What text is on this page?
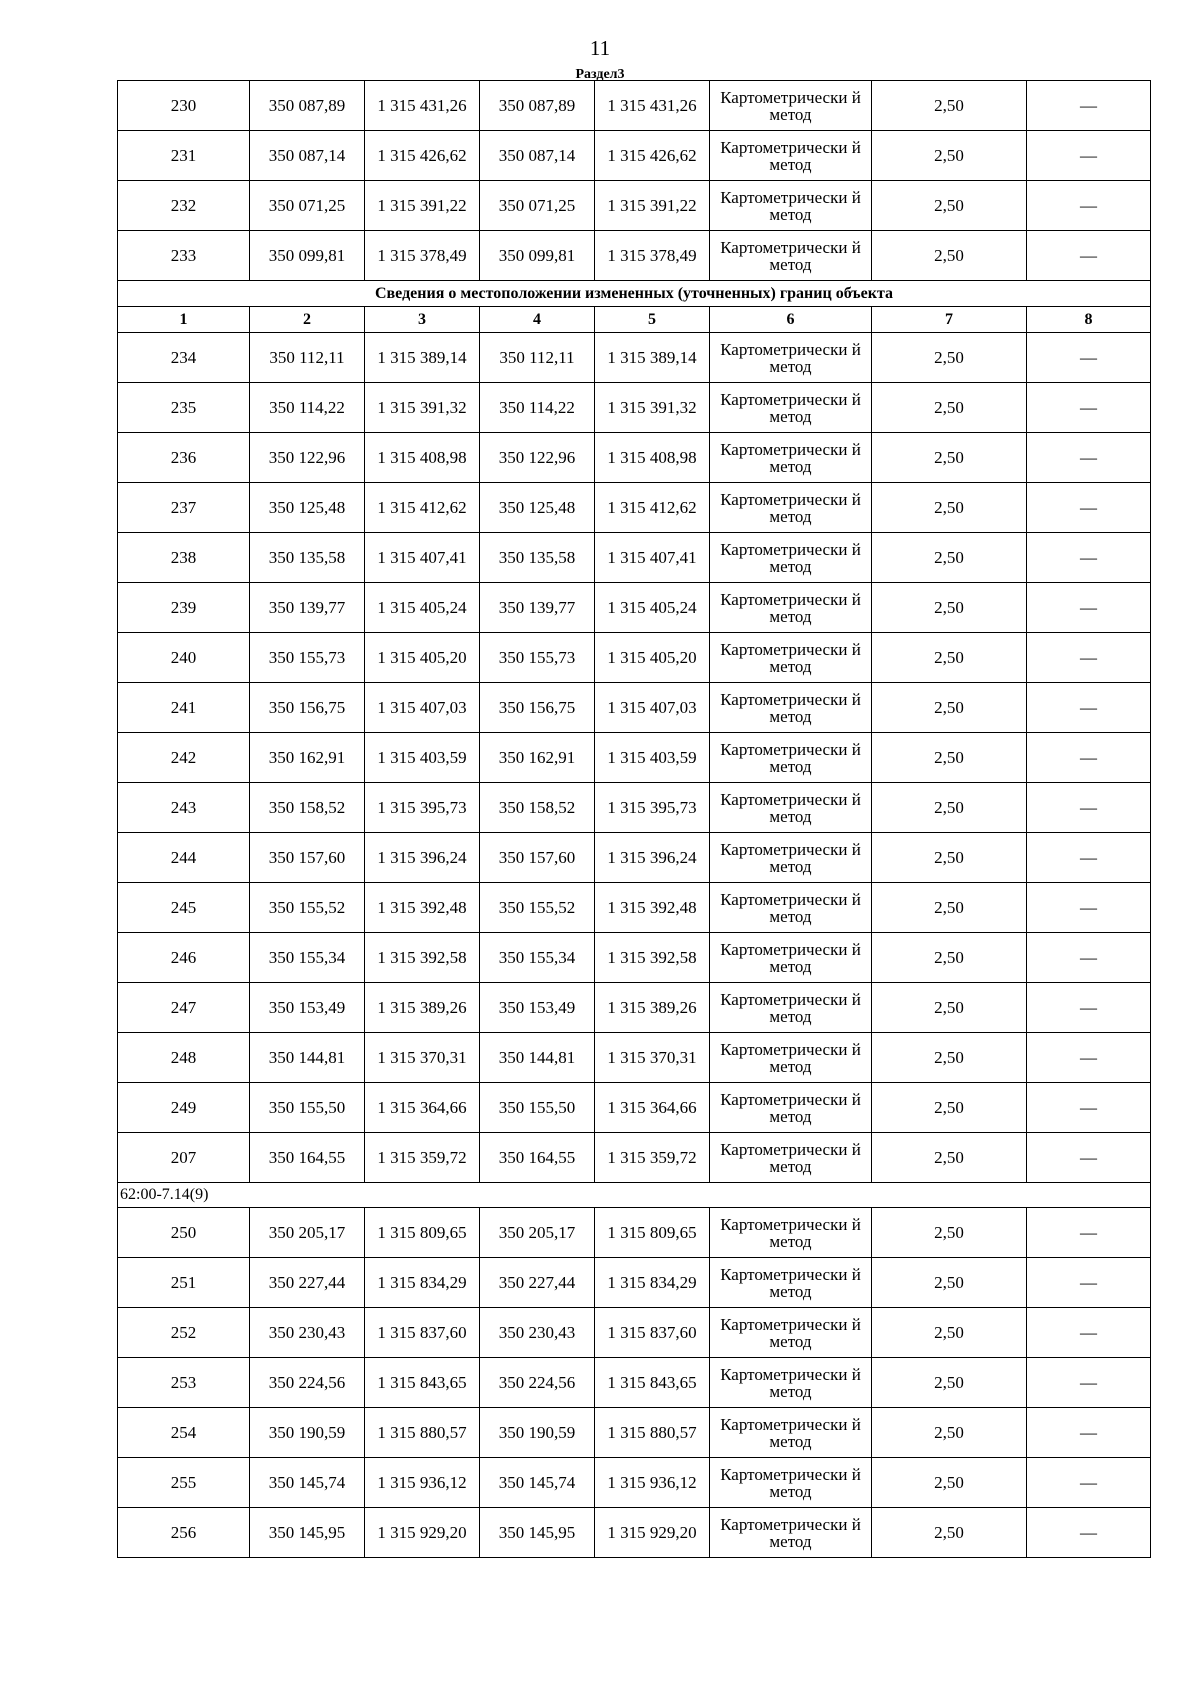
11
Раздел3
230	350 087,89	1 315 431,26	350 087,89	1 315 431,26	Картометрически й метод	2,50	—
231	350 087,14	1 315 426,62	350 087,14	1 315 426,62	Картометрически й метод	2,50	—
232	350 071,25	1 315 391,22	350 071,25	1 315 391,22	Картометрически й метод	2,50	—
233	350 099,81	1 315 378,49	350 099,81	1 315 378,49	Картометрически й метод	2,50	—
Сведения о местоположении измененных (уточненных) границ объекта							
1	2	3	4	5	6	7	8
234	350 112,11	1 315 389,14	350 112,11	1 315 389,14	Картометрически й метод	2,50	—
235	350 114,22	1 315 391,32	350 114,22	1 315 391,32	Картометрически й метод	2,50	—
236	350 122,96	1 315 408,98	350 122,96	1 315 408,98	Картометрически й метод	2,50	—
237	350 125,48	1 315 412,62	350 125,48	1 315 412,62	Картометрически й метод	2,50	—
238	350 135,58	1 315 407,41	350 135,58	1 315 407,41	Картометрически й метод	2,50	—
239	350 139,77	1 315 405,24	350 139,77	1 315 405,24	Картометрически й метод	2,50	—
240	350 155,73	1 315 405,20	350 155,73	1 315 405,20	Картометрически й метод	2,50	—
241	350 156,75	1 315 407,03	350 156,75	1 315 407,03	Картометрически й метод	2,50	—
242	350 162,91	1 315 403,59	350 162,91	1 315 403,59	Картометрически й метод	2,50	—
243	350 158,52	1 315 395,73	350 158,52	1 315 395,73	Картометрически й метод	2,50	—
244	350 157,60	1 315 396,24	350 157,60	1 315 396,24	Картометрически й метод	2,50	—
245	350 155,52	1 315 392,48	350 155,52	1 315 392,48	Картометрически й метод	2,50	—
246	350 155,34	1 315 392,58	350 155,34	1 315 392,58	Картометрически й метод	2,50	—
247	350 153,49	1 315 389,26	350 153,49	1 315 389,26	Картометрически й метод	2,50	—
248	350 144,81	1 315 370,31	350 144,81	1 315 370,31	Картометрически й метод	2,50	—
249	350 155,50	1 315 364,66	350 155,50	1 315 364,66	Картометрически й метод	2,50	—
207	350 164,55	1 315 359,72	350 164,55	1 315 359,72	Картометрически й метод	2,50	—
62:00-7.14(9)							
250	350 205,17	1 315 809,65	350 205,17	1 315 809,65	Картометрически й метод	2,50	—
251	350 227,44	1 315 834,29	350 227,44	1 315 834,29	Картометрически й метод	2,50	—
252	350 230,43	1 315 837,60	350 230,43	1 315 837,60	Картометрически й метод	2,50	—
253	350 224,56	1 315 843,65	350 224,56	1 315 843,65	Картометрически й метод	2,50	—
254	350 190,59	1 315 880,57	350 190,59	1 315 880,57	Картометрически й метод	2,50	—
255	350 145,74	1 315 936,12	350 145,74	1 315 936,12	Картометрически й метод	2,50	—
256	350 145,95	1 315 929,20	350 145,95	1 315 929,20	Картометрически й метод	2,50	—
